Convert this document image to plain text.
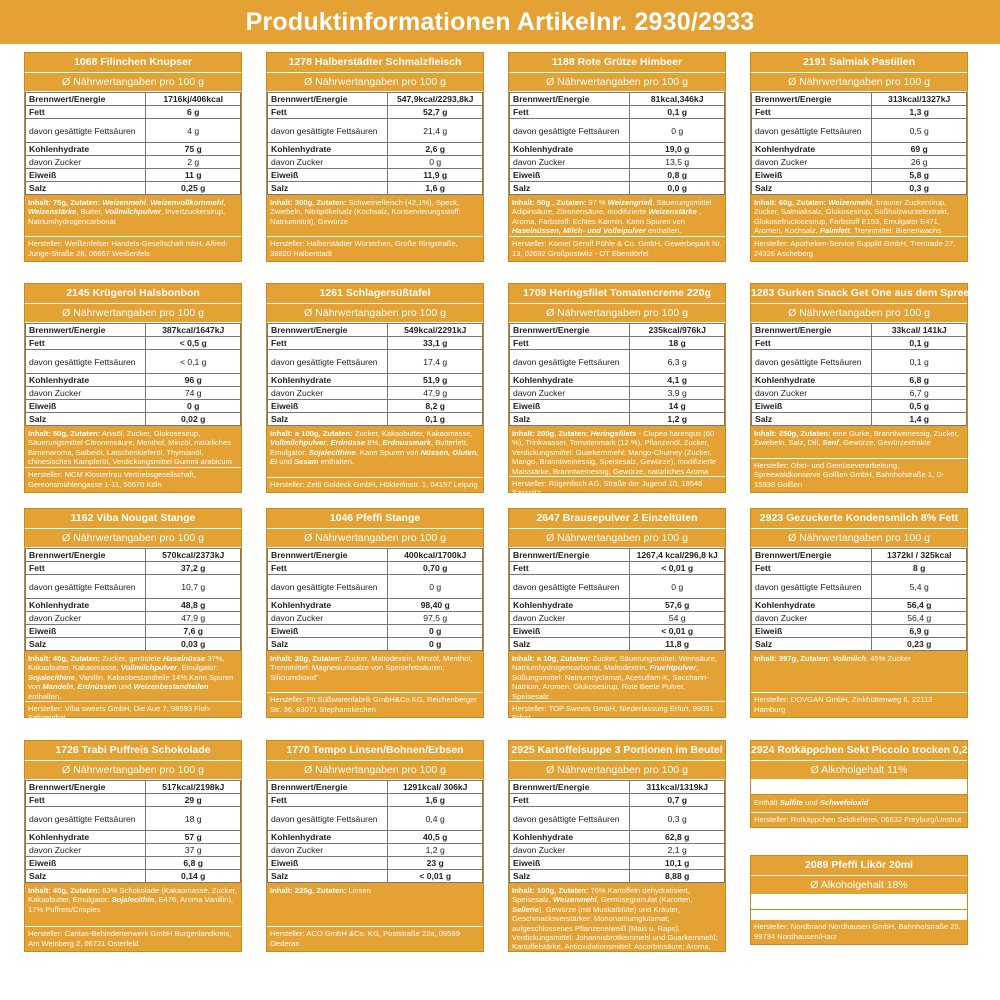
Produktinformationen Artikelnr. 2930/2933
1068 Filinchen Knupser
Ø Nährwertangaben pro 100 g
Brennwert/Energie	1716kj/406kcal
Fett	6 g
davon gesättigte Fettsäuren	4 g
Kohlenhydrate	75 g
davon Zucker	2 g
Eiweiß	11 g
Salz	0,25 g
Inhalt: 75g, Zutaten: Weizenmehl, Weizenvollkornmehl, Weizenstärke, Butter, Vollmilchpulver, Invertzuckersirup, Natriumhydrogencarbonat
Hersteller: Weißenfelser Handels-Gesellschaft mbH, Alfred-Junge-Straße 28, 06667 Weißenfels
1278 Halberstädter Schmalzfleisch
Ø Nährwertangaben pro 100 g
Brennwert/Energie	547,9kcal/2293,8kJ
Fett	52,7 g
davon gesättigte Fettsäuren	21,4 g
Kohlenhydrate	2,6 g
davon Zucker	0 g
Eiweiß	11,9 g
Salz	1,6 g
Inhalt: 300g, Zutaten: Schweinefleisch (42,1%), Speck, Zwiebeln, Nitritpökelsalz (Kochsalz, Konservierungsstoff: Natriumnitrit), Gewürze
Hersteller: Halberstädter Würstchen, Große Ringstraße, 38820 Halberstadt
1188 Rote Grütze Himbeer
Ø Nährwertangaben pro 100 g
Brennwert/Energie	81kcal,346kJ
Fett	0,1 g
davon gesättigte Fettsäuren	0 g
Kohlenhydrate	19,0 g
davon Zucker	13,5 g
Eiweiß	0,8 g
Salz	0,0 g
Inhalt: 50g , Zutaten: 97 % Weizengrieß, Säuerungsmittel Adipinsäure, Zitronensäure, modifizierte Weizenstärke , Aroma, Farbstoff: Echtes Karmin. Kann Spuren von Haselnüssen, Milch- und Volleipulver enthalten.
Hersteller: Komet Gerolf Pöhle & Co. GmbH, Gewerbepark Nr. 13, 02692 Großpostwitz - OT Ebendörfel
2191 Salmiak Pastillen
Ø Nährwertangaben pro 100 g
Brennwert/Energie	313kcal/1327kJ
Fett	1,3 g
davon gesättigte Fettsäuren	0,5 g
Kohlenhydrate	69 g
davon Zucker	26 g
Eiweiß	5,8 g
Salz	0,3 g
Inhalt: 60g, Zutaten: Weizenmehl, brauner Zuckersirup, Zucker, Salmiaksalz, Glukosesirup, Süßholzwurzelextrakt, Glukosefructosesirup, Farbstoff E153, Emulgator E471, Aromen, Kochsalz, Palmfett, Trennmittel: Bienenwachs
Hersteller: Apotheken-Service Supplitt GmbH, Trentrade 27, 24326 Ascheberg
2145 Krügerol Halsbonbon
Ø Nährwertangaben pro 100 g
Brennwert/Energie	387kcal/1647kJ
Fett	< 0,5 g
davon gesättigte Fettsäuren	< 0,1 g
Kohlenhydrate	96 g
davon Zucker	74 g
Eiweiß	0 g
Salz	0,02 g
Inhalt: 50g, Zutaten: Anisöl, Zucker, Glukosesirup, Säuerungsmittel Citronensäure, Menthol, Minzöl, natürliches Birnenaroma, Salbeiöl, Latschenkieferöl, Thymianöl, chinesisches Kampferöl, Verdickungsmittel Gummi arabicum
Hersteller: MCM Klosterfrau Vertriebsgesellschaft, Gereonsmühlengasse 1-11, 50670 Köln
1261 Schlagersüßtafel
Ø Nährwertangaben pro 100 g
Brennwert/Energie	549kcal/2291kJ
Fett	33,1 g
davon gesättigte Fettsäuren	17,4 g
Kohlenhydrate	51,9 g
davon Zucker	47,9 g
Eiweiß	8,2 g
Salz	0,1 g
Inhalt: a 100g, Zutaten: Zucker, Kakaobutter, Kakaomasse, Vollmilchpulver, Erdnüsse 8%, Erdnussmark, Butterfett, Emulgator: Sojalecithine. Kann Spuren von Nüssen, Gluten, Ei und Sesam enthalten.
Hersteller: Zetti Goldeck GmbH, Hölderlinstr. 1, 04157 Leipzig
1709 Heringsfilet Tomatencreme 220g
Ø Nährwertangaben pro 100 g
Brennwert/Energie	235kcal/976kJ
Fett	18 g
davon gesättigte Fettsäuren	6,3 g
Kohlenhydrate	4,1 g
davon Zucker	3,9 g
Eiweiß	14 g
Salz	1,2 g
Inhalt: 200g, Zutaten: Heringsfilets - Clupea harengus (60 %), Trinkwasser, Tomatenmark (12 %), Pflanzenöl, Zucker, Verdickungsmittel: Guarkernmehl; Mango-Chutney (Zucker, Mango, Branntweinessig, Speisesalz, Gewürze), modifizierte Maisstärke, Branntweinessig, Gewürze, natürliches Aroma
Hersteller: Rügenfisch AG, Straße der Jugend 10, 18546 Sassnitz
1283 Gurken Snack Get One aus dem Spree
Ø Nährwertangaben pro 100 g
Brennwert/Energie	33kcal/ 141kJ
Fett	0,1 g
davon gesättigte Fettsäuren	0,1 g
Kohlenhydrate	6,8 g
davon Zucker	6,7 g
Eiweiß	0,5 g
Salz	1,4 g
Inhalt: 250g, Zutaten: eine Gurke, Branntweinessig, Zucker, Zwiebeln, Salz, Dill, Senf, Gewürze, Gewürzextrakte
Hersteller: Obst- und Gemüseverarbeitung, Spreewaldkonserve Golßen GmbH, Bahnhofstraße 1, D-15938 Golßen
1162 Viba Nougat Stange
Ø Nährwertangaben pro 100 g
Brennwert/Energie	570kcal/2373kJ
Fett	37,2 g
davon gesättigte Fettsäuren	10,7 g
Kohlenhydrate	48,8 g
davon Zucker	47,9 g
Eiweiß	7,6 g
Salz	0,03 g
Inhalt: 40g, Zutaten: Zucker, geröstete Haselnüsse 37%, Kakaobutter, Kakaomasse, Vollmilchpulver, Emulgator: Sojalecithine, Vanillin. Kakaobestandteile 14%.Kann Spuren von Mandeln, Erdnüssen und Weizenbestandteilen enthalten.
Hersteller: Viba sweets GmbH, Die Aue 7, 98593 Floh-Seligenthal
1046 Pfeffi Stange
Ø Nährwertangaben pro 100 g
Brennwert/Energie	400kcal/1700kJ
Fett	0,70 g
davon gesättigte Fettsäuren	0 g
Kohlenhydrate	98,40 g
davon Zucker	97,5 g
Eiweiß	0 g
Salz	0 g
Inhalt: 20g, Zutaten: Zucker, Maltodextrin, Minzöl, Menthol, Trennmittel: Magnesiumsalze von Speisefettsäuren; Siliciumdioxid"
Hersteller: Pit Süßwarenfabrik GmbH&Co.KG, Reichenberger Str. 36, 83071 Stephanskirchen
2647 Brausepulver 2 Einzeltüten
Ø Nährwertangaben pro 100 g
Brennwert/Energie	1267,4 kcal/296,8 kJ
Fett	< 0,01 g
davon gesättigte Fettsäuren	0 g
Kohlenhydrate	57,6 g
davon Zucker	54 g
Eiweiß	< 0,01 g
Salz	11,8 g
Inhalt: a 10g, Zutaten: Zucker, Säuerungsmittel: Weinsäure, Natriumhydrogencarbonat, Maltodextrin, Fruchtpulver, Süßungsmittel: Natriumcyclamat, Acesulfam-K, Saccharin-Natrium, Aromen, Glukosesirup, Rote Beete Pulver, Speisesalz
Hersteller: TOP Sweets GmbH, Niederlassung Erfurt, 99091 Erfurt
2923 Gezuckerte Kondensmilch 8% Fett
Ø Nährwertangaben pro 100 g
Brennwert/Energie	1372kl / 325kcal
Fett	8 g
davon gesättigte Fettsäuren	5,4 g
Kohlenhydrate	56,4 g
davon Zucker	56,4 g
Eiweiß	6,9 g
Salz	0,23 g
Inhalt: 397g, Zutaten: Vollmilch, 45% Zucker
Hersteller: DOVGAN GmbH, Zinkhüttenweg 6, 22113 Hamburg
1726 Trabi Puffreis Schokolade
Ø Nährwertangaben pro 100 g
Brennwert/Energie	517kcal/2198kJ
Fett	29 g
davon gesättigte Fettsäuren	18 g
Kohlenhydrate	57 g
davon Zucker	37 g
Eiweiß	6,8 g
Salz	0,14 g
Inhalt: 40g, Zutaten: 63% Schokolade (Kakaomasse, Zucker, Kakaobutter, Emulgator: Sojalecithin, E476, Aroma Vanillin), 17% Puffreis/Crispies
Hersteller: Caritas-Behindertenwerk GmbH Burgenlandkreis, Am Weinberg 2, 06721 Osterfeld
1770 Tempo Linsen/Bohnen/Erbsen
Ø Nährwertangaben pro 100 g
Brennwert/Energie	1291kcal/ 306kJ
Fett	1,6 g
davon gesättigte Fettsäuren	0,4 g
Kohlenhydrate	40,5 g
davon Zucker	1,2 g
Eiweiß	23 g
Salz	< 0,01 g
Inhalt: 225g, Zutaten: Linsen
Hersteller: ACO GmbH &Co. KG, Poststraße 22a, 09569 Oederan
2925 Kartoffelsuppe 3 Portionen im Beutel
Ø Nährwertangaben pro 100 g
Brennwert/Energie	311kcal/1319kJ
Fett	0,7 g
davon gesättigte Fettsäuren	0,3 g
Kohlenhydrate	62,8 g
davon Zucker	2,1 g
Eiweiß	10,1 g
Salz	8,88 g
Inhalt: 100g, Zutaten: 76% Kartoffeln dehydratisiert, Speisesalz, Weizenmehl, Gemüsegranulat (Karotten, Sellerie), Gewürze (mit Muskatblüte) und Kräuter, Geschmacksverstärker: Mononatriumglutamat; aufgeschlossenes Pflanzeneiweiß (Mais u. Raps), Verdickungsmittel: Johannisbrotkernmehl und Guarkernmehl; Kartoffelstärke, Antioxidationsmittel: Ascorbinsäure; Aroma, Raucharoma. Kann Spuren von Milchbestandteilen enthalten.
Hersteller: Mecklenburger Kartoffelveredlung GmbH, D-19230 Hagenow
2924 Rotkäppchen Sekt Piccolo trocken 0,2 l
Ø Alkoholgehalt 11%
Enthält Sulfite und Schwefeloxid
Hersteller: Rotkäppchen Sektkellerei, 06632 Freyburg/Unstrut
2089 Pfeffi Likör 20ml
Ø Alkoholgehalt 18%
Hersteller: Nordbrand Nordhausen GmbH, Bahnhofstraße 25, 99734 Nordhausen/Harz
